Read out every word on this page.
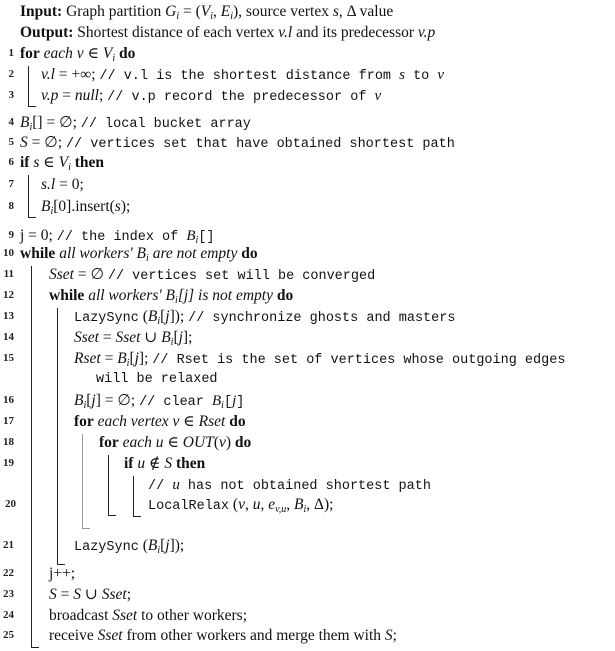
Input: Graph partition $G_i = (V_i$, $E_i$), source vertex s, Δ value
Output: Shortest distance of each vertex v.l and its predecessor v.p
1 for each v ∈ $V_i$ do
2 v.l = +∞; // v.l is the shortest distance from s to v
3 v.p = null; // v.p record the predecessor of v
4 $B_i[]$ = ∅; // local bucket array
5 S = ∅; // vertices set that have obtained shortest path
6 if s ∈ $V_i$ then
7 s.l = 0;
8 $B_i[0].insert(s)$;
9 j = 0; // the index of $B_i[]$
10 while all workers' $B_i$ are not empty do
11 Sset = ∅ // vertices set will be converged
12 while all workers' $B_i[j]$ is not empty do
13	LazySync $(B_i[j])$; // synchronize ghosts and masters
14	Sset = Sset ∪ $B_i[j]$;
15	Rset = $B_i[j]$; // Rset is the set of vertices whose outgoing edges
will be relaxed
16	$B_i[j]$ = ∅; // clear $B_i[j]$
17	for each vertex v ∈ Rset do
18	for each u ∈ OUT(v) do
19	if u ∉ S then
// u has not obtained shortest path
20	LocalRelax (v, u, $e_{v,u}$, $B_i$, Δ);
21	LazySync $(B_i[j])$;
22 j++;
23 S = S ∪ Sset;
24 broadcast Sset to other workers;
25 receive Sset from other workers and merge them with S;
